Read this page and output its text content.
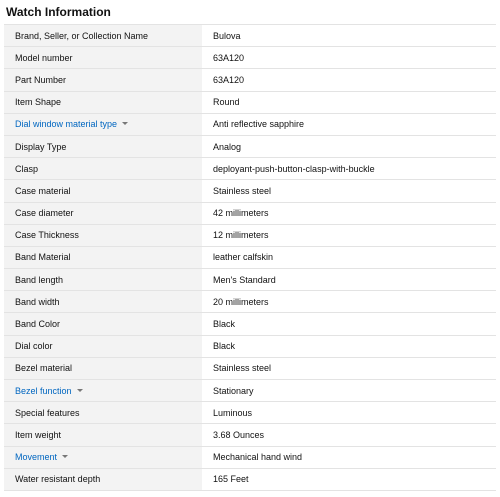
Watch Information
Brand, Seller, or Collection Name	Bulova
Model number	63A120
Part Number	63A120
Item Shape	Round
Dial window material type	Anti reflective sapphire
Display Type	Analog
Clasp	deployant-push-button-clasp-with-buckle
Case material	Stainless steel
Case diameter	42 millimeters
Case Thickness	12 millimeters
Band Material	leather calfskin
Band length	Men's Standard
Band width	20 millimeters
Band Color	Black
Dial color	Black
Bezel material	Stainless steel
Bezel function	Stationary
Special features	Luminous
Item weight	3.68 Ounces
Movement	Mechanical hand wind
Water resistant depth	165 Feet
